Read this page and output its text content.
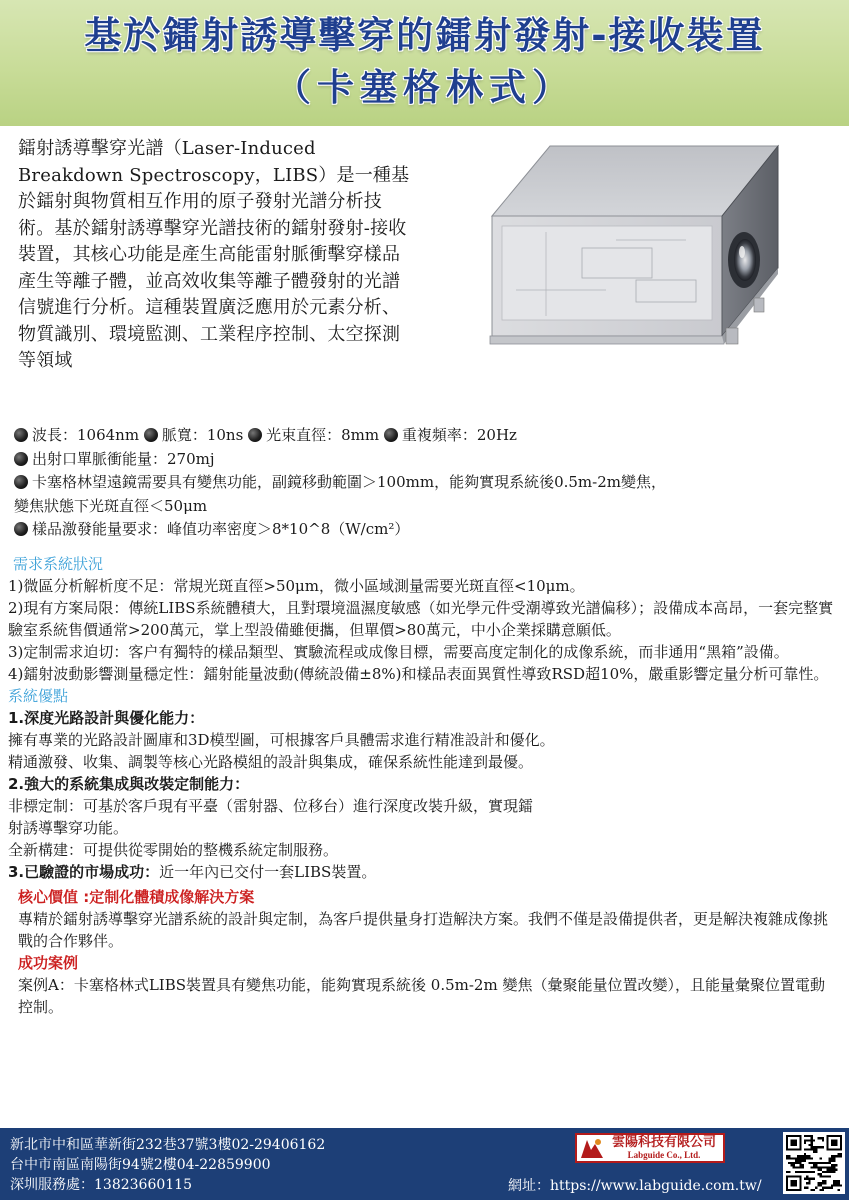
基於鐳射誘導擊穿的鐳射發射-接收裝置
（卡塞格林式）
鐳射誘導擊穿光譜（Laser-Induced Breakdown Spectroscopy，LIBS）是一種基於鐳射與物質相互作用的原子發射光譜分析技術。基於鐳射誘導擊穿光譜技術的鐳射發射-接收裝置，其核心功能是產生高能雷射脈衝擊穿樣品產生等離子體，並高效收集等離子體發射的光譜信號進行分析。這種裝置廣泛應用於元素分析、物質識別、環境監測、工業程序控制、太空探測等領域
波長：1064nm 脈寬：10ns 光束直徑：8mm 重複頻率：20Hz
出射口單脈衝能量：270mj
卡塞格林望遠鏡需要具有變焦功能，副鏡移動範圍＞100mm，能夠實現系統後0.5m-2m變焦，
變焦狀態下光斑直徑＜50μm
樣品激發能量要求：峰值功率密度＞8*10^8（W/cm²）
需求系統狀況
1)微區分析解析度不足：常規光斑直徑>50μm，微小區域測量需要光斑直徑<10μm。
2)現有方案局限：傳統LIBS系統體積大，且對環境溫濕度敏感（如光學元件受潮導致光譜偏移）；設備成本高昂，一套完整實驗室系統售價通常>200萬元，掌上型設備雖便攜，但單價>80萬元，中小企業採購意願低。
3)定制需求迫切：客户有獨特的樣品類型、實驗流程或成像目標，需要高度定制化的成像系統，而非通用“黑箱”設備。
4)鐳射波動影響測量穩定性：鐳射能量波動(傳統設備±8%)和樣品表面異質性導致RSD超10%，嚴重影響定量分析可靠性。
系統優點
1.深度光路設計與優化能力：
擁有專業的光路設計圖庫和3D模型圖，可根據客戶具體需求進行精准設計和優化。
精通激發、收集、調製等核心光路模組的設計與集成，確保系統性能達到最優。
2.強大的系統集成與改裝定制能力：
非標定制：可基於客戶現有平臺（雷射器、位移台）進行深度改裝升級，實現鐳
射誘導擊穿功能。
全新構建：可提供從零開始的整機系統定制服務。
3.已驗證的市場成功：近一年內已交付一套LIBS裝置。
核心價值 :定制化體積成像解決方案
專精於鐳射誘導擊穿光譜系統的設計與定制，為客戶提供量身打造解決方案。我們不僅是設備提供者，更是解決複雜成像挑戰的合作夥伴。
成功案例
案例A：卡塞格林式LIBS裝置具有變焦功能，能夠實現系統後 0.5m-2m 變焦（彙聚能量位置改變），且能量彙聚位置電動控制。
新北市中和區華新街232巷37號3樓02-29406162
台中市南區南陽街94號2樓04-22859900
深圳服務處：13823660115
雲陽科技有限公司
Labguide Co., Ltd.
網址：https://www.labguide.com.tw/
